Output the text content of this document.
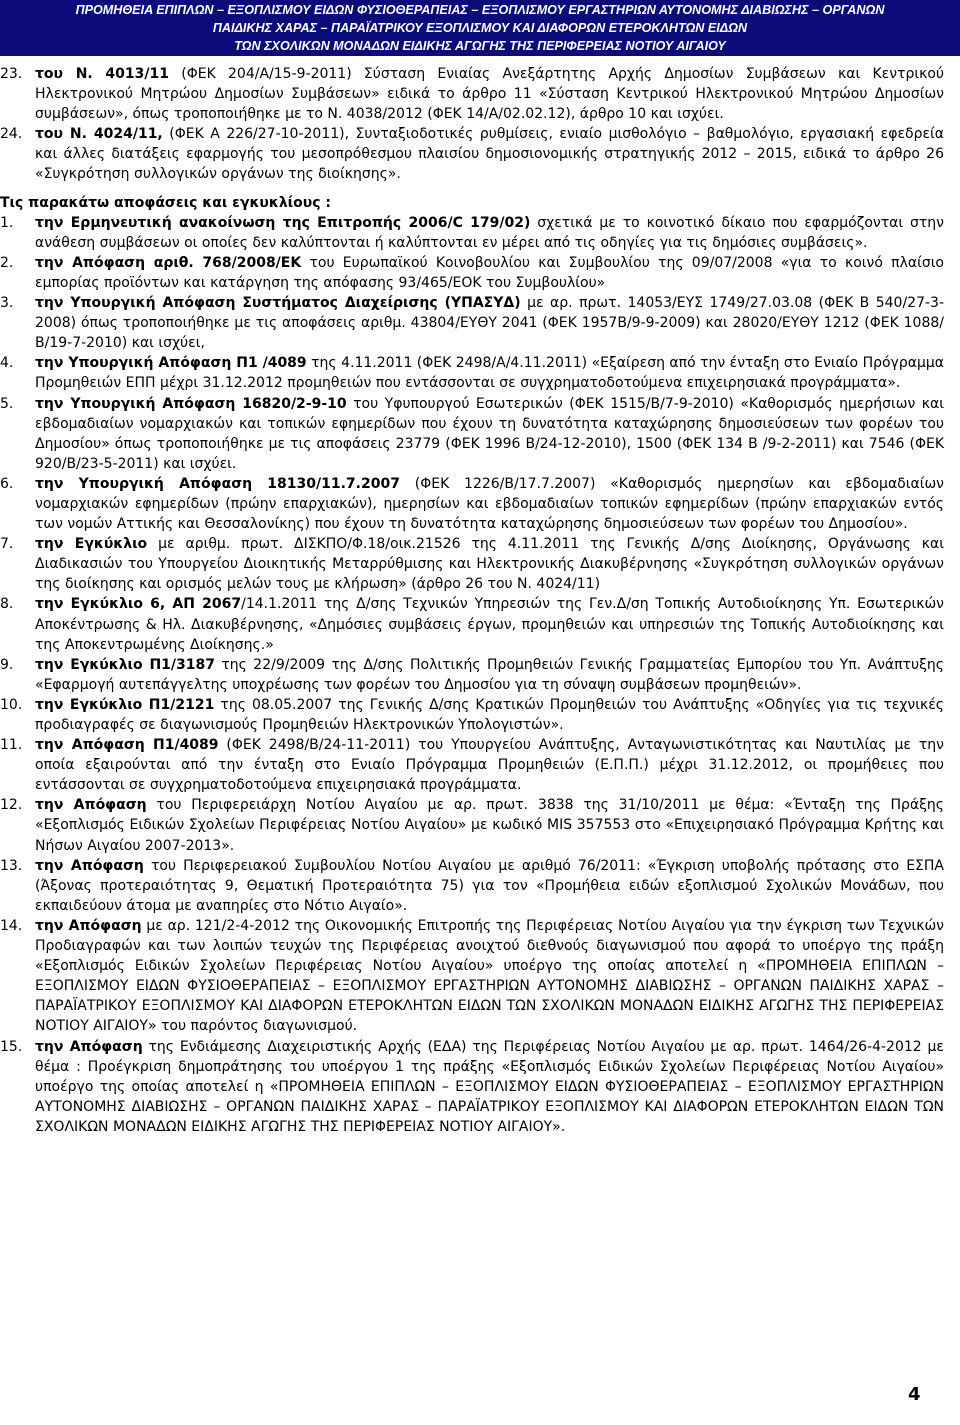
ΠΡΟΜΗΘΕΙΑ ΕΠΙΠΛΩΝ – ΕΞΟΠΛΙΣΜΟΥ ΕΙΔΩΝ ΦΥΣΙΟΘΕΡΑΠΕΙΑΣ – ΕΞΟΠΛΙΣΜΟΥ ΕΡΓΑΣΤΗΡΙΩΝ ΑΥΤΟΝΟΜΗΣ ΔΙΑΒΙΩΣΗΣ – ΟΡΓΑΝΩΝ
ΠΑΙΔΙΚΗΣ ΧΑΡΑΣ – ΠΑΡΑΪΑΤΡΙΚΟΥ ΕΞΟΠΛΙΣΜΟΥ ΚΑΙ ΔΙΑΦΟΡΩΝ ΕΤΕΡΟΚΛΗΤΩΝ ΕΙΔΩΝ
ΤΩΝ ΣΧΟΛΙΚΩΝ ΜΟΝΑΔΩΝ ΕΙΔΙΚΗΣ ΑΓΩΓΗΣ ΤΗΣ ΠΕΡΙΦΕΡΕΙΑΣ ΝΟΤΙΟΥ ΑΙΓΑΙΟΥ

23. του Ν. 4013/11 (ΦΕΚ 204/Α/15-9-2011) Σύσταση Ενιαίας Ανεξάρτητης Αρχής Δημοσίων Συμβάσεων και Κεντρικού Ηλεκτρονικού Μητρώου Δημοσίων Συμβάσεων» ειδικά το άρθρο 11 «Σύσταση Κεντρικού Ηλεκτρονικού Μητρώου Δημοσίων συμβάσεων», όπως τροποποιήθηκε με το Ν. 4038/2012 (ΦΕΚ 14/Α/02.02.12), άρθρο 10 και ισχύει.

24. του Ν. 4024/11, (ΦΕΚ Α 226/27-10-2011), Συνταξιοδοτικές ρυθμίσεις, ενιαίο μισθολόγιο – βαθμολόγιο, εργασιακή εφεδρεία και άλλες διατάξεις εφαρμογής του μεσοπρόθεσμου πλαισίου δημοσιονομικής στρατηγικής 2012 – 2015, ειδικά το άρθρο 26 «Συγκρότηση συλλογικών οργάνων της διοίκησης».

Τις παρακάτω αποφάσεις και εγκυκλίους :

1. την Ερμηνευτική ανακοίνωση της Επιτροπής 2006/C 179/02) σχετικά με το κοινοτικό δίκαιο που εφαρμόζονται στην ανάθεση συμβάσεων οι οποίες δεν καλύπτονται ή καλύπτονται εν μέρει από τις οδηγίες για τις δημόσιες συμβάσεις».

2. την Απόφαση αριθ. 768/2008/ΕΚ του Ευρωπαϊκού Κοινοβουλίου και Συμβουλίου της 09/07/2008 «για το κοινό πλαίσιο εμπορίας προϊόντων και κατάργηση της απόφασης 93/465/ΕΟΚ του Συμβουλίου»

3. την Υπουργική Απόφαση Συστήματος Διαχείρισης (ΥΠΑΣΥΔ) με αρ. πρωτ. 14053/ΕΥΣ 1749/27.03.08 (ΦΕΚ Β 540/27-3-2008) όπως τροποποιήθηκε με τις αποφάσεις αριθμ. 43804/ΕΥΘΥ 2041 (ΦΕΚ 1957Β/9-9-2009) και 28020/ΕΥΘΥ 1212 (ΦΕΚ 1088/ Β/19-7-2010) και ισχύει,

4. την Υπουργική Απόφαση Π1 /4089 της 4.11.2011 (ΦΕΚ 2498/Α/4.11.2011) «Εξαίρεση από την ένταξη στο Ενιαίο Πρόγραμμα Προμηθειών ΕΠΠ μέχρι 31.12.2012 προμηθειών που εντάσσονται σε συγχρηματοδοτούμενα επιχειρησιακά προγράμματα».

5. την Υπουργική Απόφαση 16820/2-9-10 του Υφυπουργού Εσωτερικών (ΦΕΚ 1515/Β/7-9-2010) «Καθορισμός ημερήσιων και εβδομαδιαίων νομαρχιακών και τοπικών εφημερίδων που έχουν τη δυνατότητα καταχώρησης δημοσιεύσεων των φορέων του Δημοσίου» όπως τροποποιήθηκε με τις αποφάσεις 23779 (ΦΕΚ 1996 Β/24-12-2010), 1500 (ΦΕΚ 134 Β /9-2-2011) και 7546 (ΦΕΚ 920/Β/23-5-2011) και ισχύει.

6. την Υπουργική Απόφαση 18130/11.7.2007 (ΦΕΚ 1226/Β/17.7.2007) «Καθορισμός ημερησίων και εβδομαδιαίων νομαρχιακών εφημερίδων (πρώην επαρχιακών), ημερησίων και εβδομαδιαίων τοπικών εφημερίδων (πρώην επαρχιακών εντός των νομών Αττικής και Θεσσαλονίκης) που έχουν τη δυνατότητα καταχώρησης δημοσιεύσεων των φορέων του Δημοσίου».

7. την Εγκύκλιο με αριθμ. πρωτ. ΔΙΣΚΠΟ/Φ.18/οικ.21526 της 4.11.2011 της Γενικής Δ/σης Διοίκησης, Οργάνωσης και Διαδικασιών του Υπουργείου Διοικητικής Μεταρρύθμισης και Ηλεκτρονικής Διακυβέρνησης «Συγκρότηση συλλογικών οργάνων της διοίκησης και ορισμός μελών τους με κλήρωση» (άρθρο 26 του Ν. 4024/11)

8. την Εγκύκλιο 6, ΑΠ 2067/14.1.2011 της Δ/σης Τεχνικών Υπηρεσιών της Γεν.Δ/ση Τοπικής Αυτοδιοίκησης Υπ. Εσωτερικών Αποκέντρωσης & Ηλ. Διακυβέρνησης, «Δημόσιες συμβάσεις έργων, προμηθειών και υπηρεσιών της Τοπικής Αυτοδιοίκησης και της Αποκεντρωμένης Διοίκησης.»

9. την Εγκύκλιο Π1/3187 της 22/9/2009 της Δ/σης Πολιτικής Προμηθειών Γενικής Γραμματείας Εμπορίου του Υπ. Ανάπτυξης «Εφαρμογή αυτεπάγγελτης υποχρέωσης των φορέων του Δημοσίου για τη σύναψη συμβάσεων προμηθειών».

10. την Εγκύκλιο Π1/2121 της 08.05.2007 της Γενικής Δ/σης Κρατικών Προμηθειών του Ανάπτυξης «Οδηγίες για τις τεχνικές προδιαγραφές σε διαγωνισμούς Προμηθειών Ηλεκτρονικών Υπολογιστών».

11. την Απόφαση Π1/4089 (ΦΕΚ 2498/Β/24-11-2011) του Υπουργείου Ανάπτυξης, Ανταγωνιστικότητας και Ναυτιλίας με την οποία εξαιρούνται από την ένταξη στο Ενιαίο Πρόγραμμα Προμηθειών (Ε.Π.Π.) μέχρι 31.12.2012, οι προμήθειες που εντάσσονται σε συγχρηματοδοτούμενα επιχειρησιακά προγράμματα.

12. την Απόφαση του Περιφερειάρχη Νοτίου Αιγαίου με αρ. πρωτ. 3838 της 31/10/2011 με θέμα: «Ένταξη της Πράξης «Εξοπλισμός Ειδικών Σχολείων Περιφέρειας Νοτίου Αιγαίου» με κωδικό MIS 357553 στο «Επιχειρησιακό Πρόγραμμα Κρήτης και Νήσων Αιγαίου 2007-2013».

13. την Απόφαση του Περιφερειακού Συμβουλίου Νοτίου Αιγαίου με αριθμό 76/2011: «Έγκριση υποβολής πρότασης στο ΕΣΠΑ (Άξονας προτεραιότητας 9, Θεματική Προτεραιότητα 75) για τον «Προμήθεια ειδών εξοπλισμού Σχολικών Μονάδων, που εκπαιδεύουν άτομα με αναπηρίες στο Νότιο Αιγαίο».

14. την Απόφαση με αρ. 121/2-4-2012 της Οικονομικής Επιτροπής της Περιφέρειας Νοτίου Αιγαίου για την έγκριση των Τεχνικών Προδιαγραφών και των λοιπών τευχών της Περιφέρειας ανοιχτού διεθνούς διαγωνισμού που αφορά το υποέργο της πράξη «Εξοπλισμός Ειδικών Σχολείων Περιφέρειας Νοτίου Αιγαίου» υποέργο της οποίας αποτελεί η «ΠΡΟΜΗΘΕΙΑ ΕΠΙΠΛΩΝ – ΕΞΟΠΛΙΣΜΟΥ ΕΙΔΩΝ ΦΥΣΙΟΘΕΡΑΠΕΙΑΣ – ΕΞΟΠΛΙΣΜΟΥ ΕΡΓΑΣΤΗΡΙΩΝ ΑΥΤΟΝΟΜΗΣ ΔΙΑΒΙΩΣΗΣ – ΟΡΓΑΝΩΝ ΠΑΙΔΙΚΗΣ ΧΑΡΑΣ – ΠΑΡΑΪΑΤΡΙΚΟΥ ΕΞΟΠΛΙΣΜΟΥ ΚΑΙ ΔΙΑΦΟΡΩΝ ΕΤΕΡΟΚΛΗΤΩΝ ΕΙΔΩΝ ΤΩΝ ΣΧΟΛΙΚΩΝ ΜΟΝΑΔΩΝ ΕΙΔΙΚΗΣ ΑΓΩΓΗΣ ΤΗΣ ΠΕΡΙΦΕΡΕΙΑΣ ΝΟΤΙΟΥ ΑΙΓΑΙΟΥ» του παρόντος διαγωνισμού.

15. την Απόφαση της Ενδιάμεσης Διαχειριστικής Αρχής (ΕΔΑ) της Περιφέρειας Νοτίου Αιγαίου με αρ. πρωτ. 1464/26-4-2012 με θέμα : Προέγκριση δημοπράτησης του υποέργου 1 της πράξης «Εξοπλισμός Ειδικών Σχολείων Περιφέρειας Νοτίου Αιγαίου» υποέργο της οποίας αποτελεί η «ΠΡΟΜΗΘΕΙΑ ΕΠΙΠΛΩΝ – ΕΞΟΠΛΙΣΜΟΥ ΕΙΔΩΝ ΦΥΣΙΟΘΕΡΑΠΕΙΑΣ – ΕΞΟΠΛΙΣΜΟΥ ΕΡΓΑΣΤΗΡΙΩΝ ΑΥΤΟΝΟΜΗΣ ΔΙΑΒΙΩΣΗΣ – ΟΡΓΑΝΩΝ ΠΑΙΔΙΚΗΣ ΧΑΡΑΣ – ΠΑΡΑΪΑΤΡΙΚΟΥ ΕΞΟΠΛΙΣΜΟΥ ΚΑΙ ΔΙΑΦΟΡΩΝ ΕΤΕΡΟΚΛΗΤΩΝ ΕΙΔΩΝ ΤΩΝ ΣΧΟΛΙΚΩΝ ΜΟΝΑΔΩΝ ΕΙΔΙΚΗΣ ΑΓΩΓΗΣ ΤΗΣ ΠΕΡΙΦΕΡΕΙΑΣ ΝΟΤΙΟΥ ΑΙΓΑΙΟΥ».

4
